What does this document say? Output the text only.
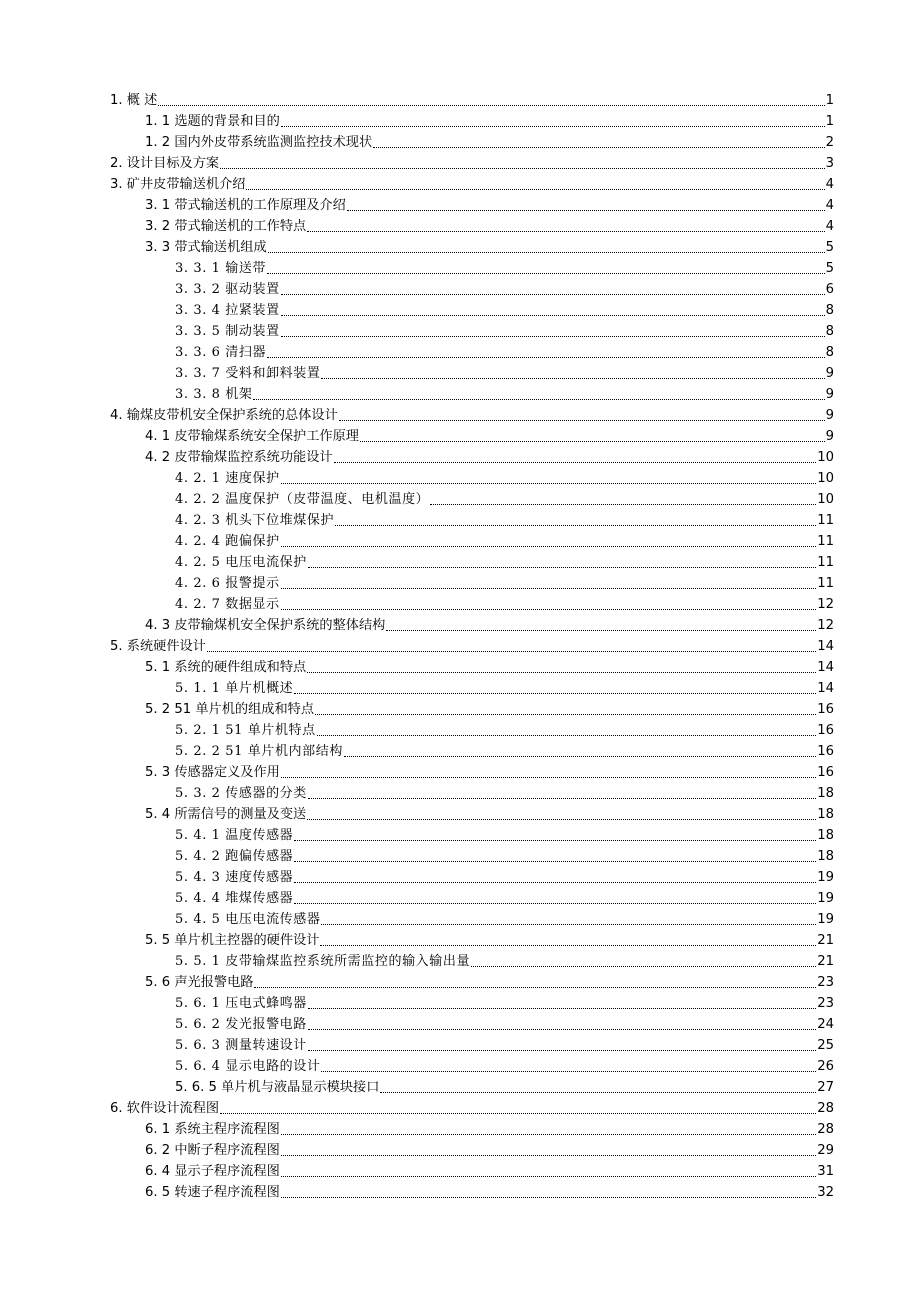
1. 概 述	1
1. 1 选题的背景和目的	1
1. 2 国内外皮带系统监测监控技术现状	2
2. 设计目标及方案	3
3. 矿井皮带输送机介绍	4
3. 1 带式输送机的工作原理及介绍	4
3. 2 带式输送机的工作特点	4
3. 3 带式输送机组成	5
3. 3. 1 输送带	5
3. 3. 2 驱动装置	6
3. 3. 4 拉紧装置	8
3. 3. 5 制动装置	8
3. 3. 6 清扫器	8
3. 3. 7 受料和卸料装置	9
3. 3. 8 机架	9
4. 输煤皮带机安全保护系统的总体设计	9
4. 1 皮带输煤系统安全保护工作原理	9
4. 2 皮带输煤监控系统功能设计	10
4. 2. 1 速度保护	10
4. 2. 2 温度保护（皮带温度、电机温度）	10
4. 2. 3 机头下位堆煤保护	11
4. 2. 4 跑偏保护	11
4. 2. 5 电压电流保护	11
4. 2. 6 报警提示	11
4. 2. 7 数据显示	12
4. 3 皮带输煤机安全保护系统的整体结构	12
5. 系统硬件设计	14
5. 1 系统的硬件组成和特点	14
5. 1. 1 单片机概述	14
5. 2 51 单片机的组成和特点	16
5. 2. 1 51 单片机特点	16
5. 2. 2 51 单片机内部结构	16
5. 3 传感器定义及作用	16
5. 3. 2 传感器的分类	18
5. 4 所需信号的测量及变送	18
5. 4. 1 温度传感器	18
5. 4. 2 跑偏传感器	18
5. 4. 3 速度传感器	19
5. 4. 4 堆煤传感器	19
5. 4. 5 电压电流传感器	19
5. 5 单片机主控器的硬件设计	21
5. 5. 1 皮带输煤监控系统所需监控的输入输出量	21
5. 6 声光报警电路	23
5. 6. 1 压电式蜂鸣器	23
5. 6. 2 发光报警电路	24
5. 6. 3 测量转速设计	25
5. 6. 4 显示电路的设计	26
5. 6. 5 单片机与液晶显示模块接口	27
6. 软件设计流程图	28
6. 1 系统主程序流程图	28
6. 2 中断子程序流程图	29
6. 4 显示子程序流程图	31
6. 5 转速子程序流程图	32
